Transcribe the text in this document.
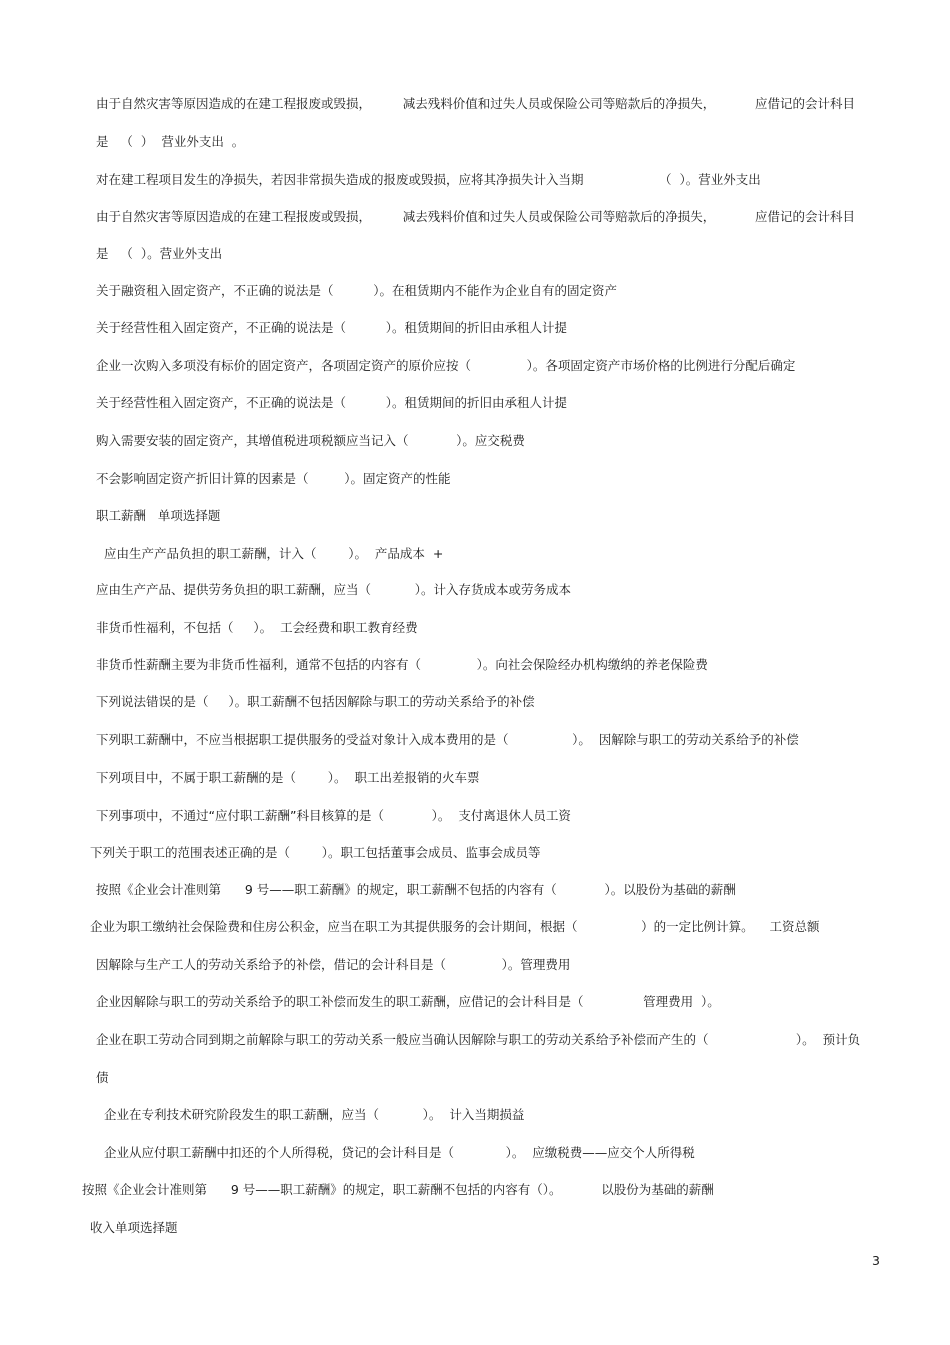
由于自然灾害等原因造成的在建工程报废或毁损，        减去残料价值和过失人员或保险公司等赔款后的净损失，          应借记的会计科目
是   （  ）  营业外支出  。
对在建工程项目发生的净损失，若因非常损失造成的报废或毁损，应将其净损失计入当期                   （  ）。营业外支出
由于自然灾害等原因造成的在建工程报废或毁损，        减去残料价值和过失人员或保险公司等赔款后的净损失，          应借记的会计科目
是   （  ）。营业外支出
关于融资租入固定资产，不正确的说法是（          ）。在租赁期内不能作为企业自有的固定资产
关于经营性租入固定资产，不正确的说法是（          ）。租赁期间的折旧由承租人计提
企业一次购入多项没有标价的固定资产，各项固定资产的原价应按（              ）。各项固定资产市场价格的比例进行分配后确定
关于经营性租入固定资产，不正确的说法是（          ）。租赁期间的折旧由承租人计提
购入需要安装的固定资产，其增值税进项税额应当记入（            ）。应交税费
不会影响固定资产折旧计算的因素是（         ）。固定资产的性能
职工薪酬   单项选择题
应由生产产品负担的职工薪酬，计入（        ）。  产品成本  +
应由生产产品、提供劳务负担的职工薪酬，应当（           ）。计入存货成本或劳务成本
非货币性福利，不包括（     ）。  工会经费和职工教育经费
非货币性薪酬主要为非货币性福利，通常不包括的内容有（              ）。向社会保险经办机构缴纳的养老保险费
下列说法错误的是（     ）。职工薪酬不包括因解除与职工的劳动关系给予的补偿
下列职工薪酬中，不应当根据职工提供服务的受益对象计入成本费用的是（                ）。  因解除与职工的劳动关系给予的补偿
下列项目中，不属于职工薪酬的是（        ）。  职工出差报销的火车票
下列事项中，不通过“应付职工薪酬”科目核算的是（            ）。  支付离退休人员工资
下列关于职工的范围表述正确的是（        ）。职工包括董事会成员、监事会成员等
按照《企业会计准则第      9 号——职工薪酬》的规定，职工薪酬不包括的内容有（            ）。以股份为基础的薪酬
企业为职工缴纳社会保险费和住房公积金，应当在职工为其提供服务的会计期间，根据（                ）的一定比例计算。    工资总额
因解除与生产工人的劳动关系给予的补偿，借记的会计科目是（              ）。管理费用
企业因解除与职工的劳动关系给予的职工补偿而发生的职工薪酬，应借记的会计科目是（               管理费用  ）。
企业在职工劳动合同到期之前解除与职工的劳动关系一般应当确认因解除与职工的劳动关系给予补偿而产生的（                      ）。  预计负
债
企业在专利技术研究阶段发生的职工薪酬，应当（           ）。  计入当期损益
企业从应付职工薪酬中扣还的个人所得税，贷记的会计科目是（             ）。  应缴税费——应交个人所得税
按照《企业会计准则第      9 号——职工薪酬》的规定，职工薪酬不包括的内容有（）。          以股份为基础的薪酬
收入单项选择题
3
